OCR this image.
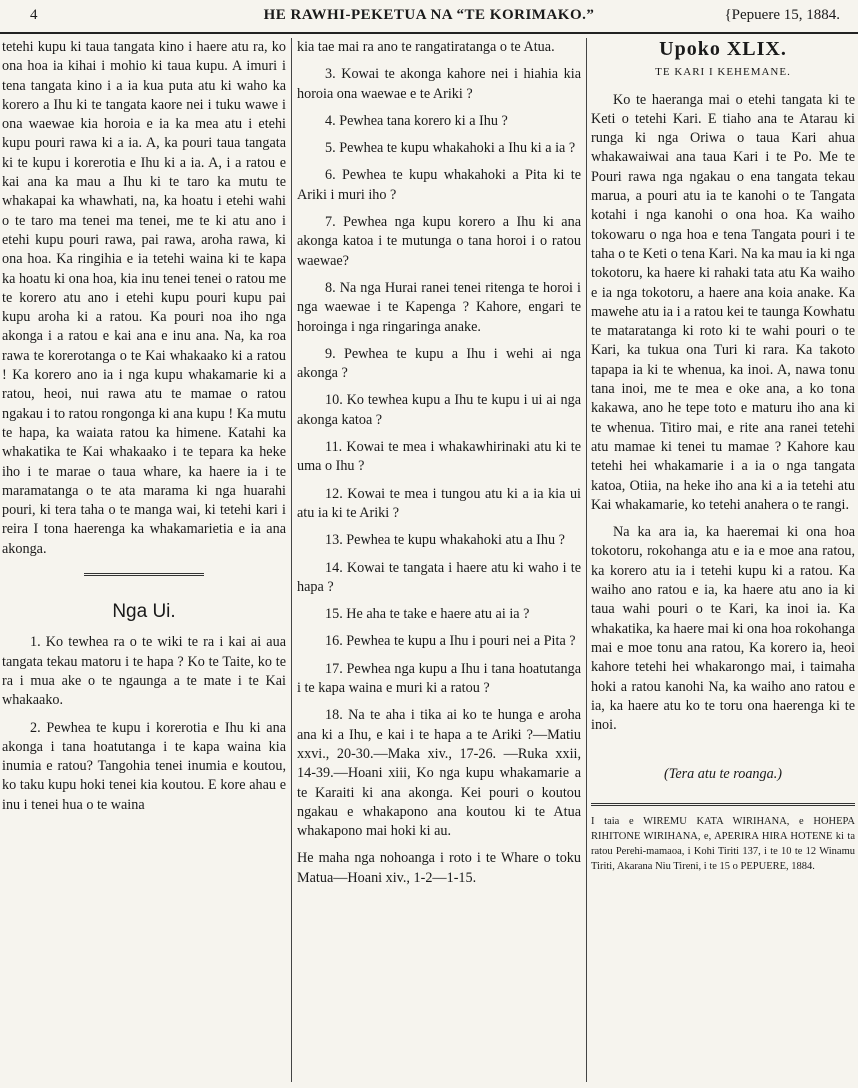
4	HE RAWHI-PEKETUA NA “TE KORIMAKO.”	{Pepuere 15, 1884.

tetehi kupu ki taua tangata kino i haere atu ra, ko ona hoa ia kihai i mohio ki taua kupu. A imuri i tena tangata kino i a ia kua puta atu ki waho ka korero a Ihu ki te tangata kaore nei i tuku wawe i ona waewae kia horoia e ia ka mea atu i etehi kupu pouri rawa ki a ia. A, ka pouri taua tangata ki te kupu i korerotia e Ihu ki a ia. A, i a ratou e kai ana ka mau a Ihu ki te taro ka mutu te whakapai ka whawhati, na, ka hoatu i etehi wahi o te taro ma tenei ma tenei, me te ki atu ano i etehi kupu pouri rawa, pai rawa, aroha rawa, ki ona hoa. Ka ringihia e ia tetehi waina ki te kapa ka hoatu ki ona hoa, kia inu tenei tenei o ratou me te korero atu ano i etehi kupu pouri kupu pai kupu aroha ki a ratou. Ka pouri noa iho nga akonga i a ratou e kai ana e inu ana. Na, ka roa rawa te korerotanga o te Kai whakaako ki a ratou ! Ka korero ano ia i nga kupu whakamarie ki a ratou, heoi, nui rawa atu te mamae o ratou ngakau i to ratou rongonga ki ana kupu ! Ka mutu te hapa, ka waiata ratou ka himene. Katahi ka whakatika te Kai whakaako i te tepara ka heke iho i te marae o taua whare, ka haere ia i te maramatanga o te ata marama ki nga huarahi pouri, ki tera taha o te manga wai, ki tetehi kari i reira I tona haerenga ka whakamarietia e ia ana akonga.

Nga Ui.

1. Ko tewhea ra o te wiki te ra i kai ai aua tangata tekau matoru i te hapa ? Ko te Taite, ko te ra i mua ake o te ngaunga a te mate i te Kai whakaako.

2. Pewhea te kupu i korerotia e Ihu ki ana akonga i tana hoatutanga i te kapa waina kia inumia e ratou? Tangohia tenei inumia e koutou, ko taku kupu hoki tenei kia koutou. E kore ahau e inu i tenei hua o te waina

kia tae mai ra ano te rangatiratanga o te Atua.

3. Kowai te akonga kahore nei i hiahia kia horoia ona waewae e te Ariki ?

4. Pewhea tana korero ki a Ihu ?

5. Pewhea te kupu whakahoki a Ihu ki a ia ?

6. Pewhea te kupu whakahoki a Pita ki te Ariki i muri iho ?

7. Pewhea nga kupu korero a Ihu ki ana akonga katoa i te mutunga o tana horoi i o ratou waewae?

8. Na nga Hurai ranei tenei ritenga te horoi i nga waewae i te Kapenga ? Kahore, engari te horoinga i nga ringaringa anake.

9. Pewhea te kupu a Ihu i wehi ai nga akonga ?

10. Ko tewhea kupu a Ihu te kupu i ui ai nga akonga katoa ?

11. Kowai te mea i whakawhirinaki atu ki te uma o Ihu ?

12. Kowai te mea i tungou atu ki a ia kia ui atu ia ki te Ariki ?

13. Pewhea te kupu whakahoki atu a Ihu ?

14. Kowai te tangata i haere atu ki waho i te hapa ?

15. He aha te take e haere atu ai ia ?

16. Pewhea te kupu a Ihu i pouri nei a Pita ?

17. Pewhea nga kupu a Ihu i tana hoatutanga i te kapa waina e muri ki a ratou ?

18. Na te aha i tika ai ko te hunga e aroha ana ki a Ihu, e kai i te hapa a te Ariki ?—Matiu xxvi., 20-30.—Maka xiv., 17-26. —Ruka xxii, 14-39.—Hoani xiii, Ko nga kupu whakamarie a te Karaiti ki ana akonga. Kei pouri o koutou ngakau e whakapono ana koutou ki te Atua whakapono mai hoki ki au.

He maha nga nohoanga i roto i te Whare o toku Matua—Hoani xiv., 1-2—1-15.

Upoko XLIX.
TE KARI I KEHEMANE.

Ko te haeranga mai o etehi tangata ki te Keti o tetehi Kari. E tiaho ana te Atarau ki runga ki nga Oriwa o taua Kari ahua whakawaiwai ana taua Kari i te Po. Me te Pouri rawa nga ngakau o ena tangata tekau marua, a pouri atu ia te kanohi o te Tangata kotahi i nga kanohi o ona hoa. Ka waiho tokowaru o nga hoa e tena Tangata pouri i te taha o te Keti o tena Kari. Na ka mau ia ki nga tokotoru, ka haere ki rahaki tata atu Ka waiho e ia nga tokotoru, a haere ana koia anake. Ka mawehe atu ia i a ratou kei te taunga Kowhatu te mataratanga ki roto ki te wahi pouri o te Kari, ka tukua ona Turi ki rara. Ka takoto tapapa ia ki te whenua, ka inoi. A, nawa tonu tana inoi, me te mea e oke ana, a ko tona kakawa, ano he tepe toto e maturu iho ana ki te whenua. Titiro mai, e rite ana ranei tetehi atu mamae ki tenei tu mamae ? Kahore kau tetehi hei whakamarie i a ia o nga tangata katoa, Otiia, na heke iho ana ki a ia tetehi atu Kai whakamarie, ko tetehi anahera o te rangi.

Na ka ara ia, ka haeremai ki ona hoa tokotoru, rokohanga atu e ia e moe ana ratou, ka korero atu ia i tetehi kupu ki a ratou. Ka waiho ano ratou e ia, ka haere atu ano ia ki taua wahi pouri o te Kari, ka inoi ia. Ka whakatika, ka haere mai ki ona hoa rokohanga mai e moe tonu ana ratou, Ka korero ia, heoi kahore tetehi hei whakarongo mai, i taimaha hoki a ratou kanohi Na, ka waiho ano ratou e ia, ka haere atu ko te toru ona haerenga ki te inoi.

(Tera atu te roanga.)

I taia e WIREMU KATA WIRIHANA, e HOHEPA RIHITONE WIRIHANA, e, APERIRA HIRA HOTENE ki ta ratou Perehi-mamaoa, i Kohi Tiriti 137, i te 10 te 12 Winamu Tiriti, Akarana Niu Tireni, i te 15 o PEPUERE, 1884.
